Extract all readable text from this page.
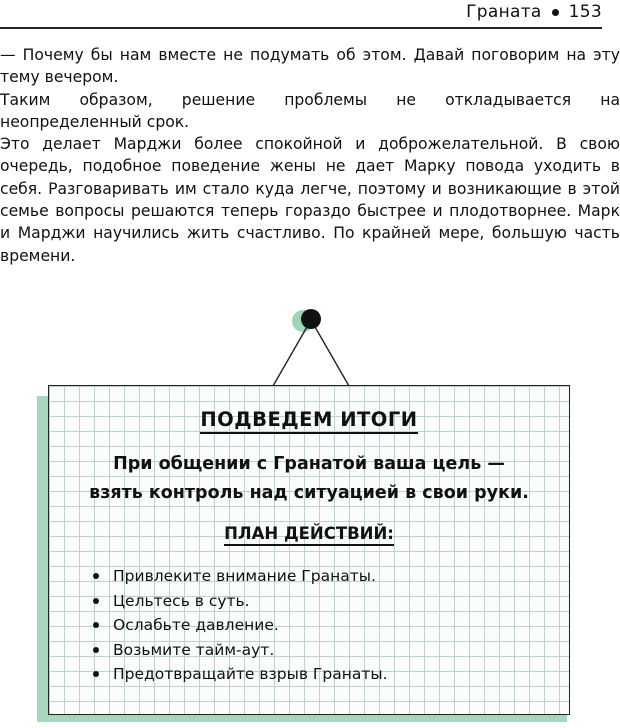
Граната 153

— Почему бы нам вместе не подумать об этом. Давай поговорим на эту тему вечером.

Таким образом, решение проблемы не откладывается на неопределенный срок.

Это делает Марджи более спокойной и доброжелательной. В свою очередь, подобное поведение жены не дает Марку повода уходить в себя. Разговаривать им стало куда легче, поэтому и возникающие в этой семье вопросы решаются теперь гораздо быстрее и плодотворнее. Марк и Марджи научились жить счастливо. По крайней мере, большую часть времени.

ПОДВЕДЕМ ИТОГИ
При общении с Гранатой ваша цель —
взять контроль над ситуацией в свои руки.
ПЛАН ДЕЙСТВИЙ:
Привлеките внимание Гранаты.
Цельтесь в суть.
Ослабьте давление.
Возьмите тайм-аут.
Предотвращайте взрыв Гранаты.
